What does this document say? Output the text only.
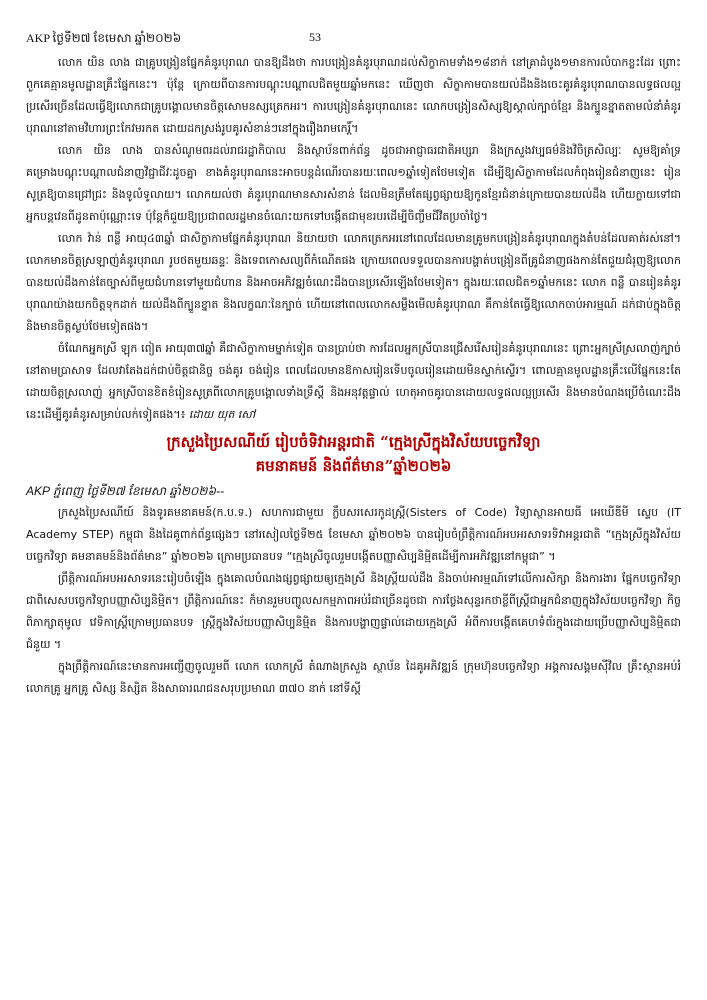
AKP ថ្ងៃទី២៧ ខែមេសា ឆ្នាំ២០២៦	53

លោក យិន លាង ជាគ្រូបង្រៀនផ្នែកគំនូរបុរាណ បានឱ្យដឹងថា ការបង្រៀនគំនូរបុរាណដល់សិក្ខាកាមទាំង១៨នាក់ នៅគ្រាដំបូង១មានការលំបាកខ្លះដែរ ព្រោះពួកគេគ្មានមូលដ្ឋានគ្រឹះផ្នែកនេះ។ ប៉ុន្តែ ក្រោយពីបានការបណ្តុះបណ្តាលជិតមួយឆ្នាំមកនេះ ឃើញថា សិក្ខាកាមបានយល់ដឹងនិងចេះគូរគំនូរបុរាណបានលទ្ធផលល្អប្រសើរច្រើនដែលធ្វើឱ្យលោកជាគ្រូបង្គោលមានចិត្តសោមនស្សត្រេកអរ។ ការបង្រៀនគំនូរបុរាណនេះ លោកបង្រៀនសិស្សឱ្យស្គាល់ក្បាច់ខ្មែរ និងក្បួនខ្នាតតាមលំនាំគំនូរបុរាណនៅតាមវិហារព្រះកែវមរកត ដោយដកស្រង់រូបគូរសំខាន់ៗនៅក្នុងរឿងរាមកេរ្តិ៍។

លោក យិន លាង បានសំណូមពរដល់រាជរដ្ឋាភិបាល និងស្ថាប័នពាក់ព័ន្ធ ដូចជាអាជ្ញាធរជាតិអប្សរា និងក្រសួងវប្បធម៌និងវិចិត្រសិល្បៈ សូមឱ្យគាំទ្រគម្រោងបណ្តុះបណ្តាលជំនាញវិជ្ជាជីវៈដូចគ្នា ខាងគំនូរបុរាណនេះអាចបន្តដំណើរបានរយៈពេល១ឆ្នាំទៀតថែមទៀត ដើម្បីឱ្យសិក្ខាកាមដែលកំពុងរៀនជំនាញនេះ រៀនសូត្រឱ្យបានជ្រៅជ្រះ និងទូលំទូលាយ។ លោកយល់ថា គំនូរបុរាណមានសារសំខាន់ ដែលមិនត្រឹមតែផ្សព្វផ្សាយឱ្យកូនខ្មែរជំនាន់ក្រោយបានយល់ដឹង ហើយក្លាយទៅជាអ្នកបន្តវេនពីដូនតាប៉ុណ្ណោះទេ ប៉ុន្តែក៏ជួយឱ្យប្រជាពលរដ្ឋមានចំណេះយកទៅបង្កើតជាមុខរបរដើម្បីចិញ្ចឹមជីវិតប្រចាំថ្ងៃ។

លោក វ៉ាន់ ពន្លឺ អាយុ៤៣ឆ្នាំ ជាសិក្ខាកាមផ្នែកគំនូរបុរាណ និយាយថា លោកត្រេកអរនៅពេលដែលមានគ្រូមកបង្រៀនគំនូរបុរាណក្នុងតំបន់ដែលគាត់រស់នៅ។ លោកមានចិត្តស្រឡាញ់គំនូរបុរាណ រូបថតមួយឆន្ទៈ និងទេពកោសល្យពីកំណើតផង ក្រោយពេលទទួលបានការបង្ហាត់បង្រៀនពីគ្រូជំនាញផងកាន់តែជួយជំរុញឱ្យលោកបានយល់ដឹងកាន់តែច្បាស់ពីមួយជំហានទៅមួយជំហាន និងអាចអភិវឌ្ឍចំណេះដឹងបានប្រសើរឡើងថែមទៀត។ ក្នុងរយៈពេលជិត១ឆ្នាំមកនេះ លោក ពន្លឺ បានរៀនគំនូរបុរាណយ៉ាងយកចិត្តទុកដាក់ យល់ដឹងពីក្បួនខ្នាត និងលក្ខណៈនៃក្បាច់ ហើយនៅពេលលោកសម្លឹងមើលគំនូរបុរាណ គឺកាន់តែធ្វើឱ្យលោកចាប់អារម្មណ៍ ដក់ជាប់ក្នុងចិត្ត និងមានចិត្តស្ងប់ថែមទៀតផង។

ចំណែកអ្នកស្រី ឡុក ពៀត អាយុ៣៧ឆ្នាំ គឺជាសិក្ខាកាមម្នាក់ទៀត បានប្រាប់ថា ការដែលអ្នកស្រីបានជ្រើសរើសរៀនគំនូរបុរាណនេះ ព្រោះអ្នកស្រីស្រលាញ់ក្បាច់នៅតាមប្រាសាទ ដែលវាតែងដក់ជាប់ចិត្តជានិច្ច ចង់គូរ ចង់រៀន ពេលដែលមានឱកាសរៀនទើបចូលរៀនដោយមិនស្ទាក់ស្ទើរ។ ពោលគ្មានមូលដ្ឋានគ្រឹះលើផ្នែកនេះតែដោយចិត្តស្រលាញ់ អ្នកស្រីបានខិតខំរៀនសូត្រពីលោកគ្រូបង្គោលទាំងទ្រឹស្តី និងអនុវត្តផ្ទាល់ ហេតុអាចគូរបានដោយលទ្ធផលល្អប្រសើរ និងមានបំណងប្រើចំណេះដឹងនេះដើម្បីគូរគំនូរសម្រាប់លក់ទៀតផង។៖ ដោយ យុត សៅ

ក្រសួងប្រៃសណីយ៍ រៀបចំទិវាអន្តរជាតិ “ក្មេងស្រីក្នុងវិស័យបច្ចេកវិទ្យា
គមនាគមន៍ និងព័ត៌មាន”ឆ្នាំ២០២៦
AKP ភ្នំពេញ ថ្ងៃទី២៧ ខែមេសា ឆ្នាំ២០២៦--

ក្រសួងប្រៃសណីយ៍ និងទូរគមនាគមន៍(ក.ប.ទ.) សហការជាមួយ ក្លឹបសរសេរកូដស្ត្រី(Sisters of Code) វិទ្យាស្ថានអាយធី អេឃើឌីមី ស្ទេប (IT Academy STEP) កម្ពុជា និងដៃគូពាក់ព័ន្ធផ្សេងៗ នៅរសៀលថ្ងៃទី២៥ ខែមេសា ឆ្នាំ២០២៦ បានរៀបចំព្រឹត្តិការណ៍អបអរសាទរទិវាអន្តរជាតិ “ក្មេងស្រីក្នុងវិស័យ បច្ចេកវិទ្យា គមនាគមន៍និងព័ត៌មាន” ឆ្នាំ២០២៦ ក្រោមប្រធានបទ “ក្មេងស្រីចូលរួមបង្កើតបញ្ញាសិប្បនិម្មិតដើម្បីការអភិវឌ្ឍនៅកម្ពុជា” ។

ព្រឹត្តិការណ៍អបអរសាទរនេះរៀបចំឡើង ក្នុងគោលបំណងផ្សព្វផ្សាយឲ្យក្មេងស្រី និងស្ត្រីយល់ដឹង និងចាប់អារម្មណ៍ទៅលើការសិក្សា និងការងារ ផ្នែកបច្ចេកវិទ្យាជាពិសេសបច្ចេកវិទ្យាបញ្ញាសិប្បនិម្មិត។ ព្រឹត្តិការណ៍នេះ ក៏មានរួមបញ្ចូលសកម្មភាពអប់រំជាច្រើនដូចជា ការថ្លែងសុន្ទរកថាខ្លីពីស្ត្រីជាអ្នកជំនាញក្នុងវិស័យបច្ចេកវិទ្យា កិច្ចពិភាក្សាតុមូល វេទិកាស្ត្រីក្រោមប្រធានបទ ស្ត្រីក្នុងវិស័យបញ្ញាសិប្បនិម្មិត និងការបង្ហាញផ្ទាល់ដោយក្មេងស្រី អំពីការបង្កើតគេហទំព័រក្នុងដោយប្រើបញ្ញាសិប្បនិម្មិតជាជំនួយ ។

ក្នុងព្រឹត្តិការណ៍នេះមានការអញ្ជើញចូលរួមពី លោក លោកស្រី តំណាងក្រសួង ស្ថាប័ន ដៃគូអភិវឌ្ឍន៍ ក្រុមហ៊ុនបច្ចេកវិទ្យា អង្គការសង្គមស៊ីវិល គ្រឹះស្ថានអប់រំលោកគ្រូ អ្នកគ្រូ សិស្ស និស្សិត និងសាធារណជនសរុបប្រមាណ ៣៧០ នាក់ នៅទីស្តី
